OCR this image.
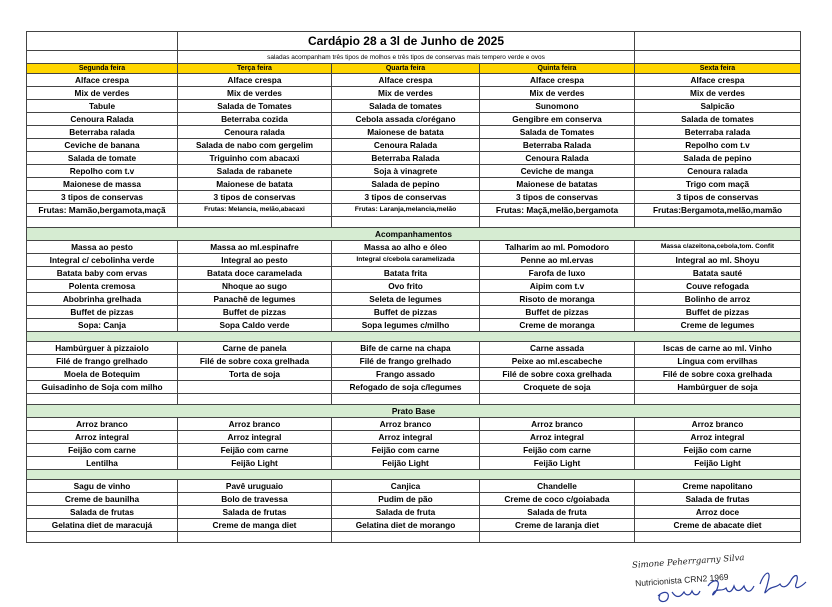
	Cardápio 28 a 3l de Junho de 2025			
	saladas acompanham três tipos de molhos e três tipos de conservas mais tempero verde e ovos			
Segunda feira	Terça feira	Quarta feira	Quinta feira	Sexta feira
Alface crespa	Alface crespa	Alface crespa	Alface crespa	Alface crespa
Mix de verdes	Mix de verdes	Mix de verdes	Mix de verdes	Mix de verdes
Tabule	Salada de Tomates	Salada de tomates	Sunomono	Salpicão
Cenoura Ralada	Beterraba cozida	Cebola assada c/orégano	Gengibre em conserva	Salada de tomates
Beterraba ralada	Cenoura ralada	Maionese de batata	Salada de Tomates	Beterraba ralada
Ceviche de banana	Salada de nabo com gergelim	Cenoura Ralada	Beterraba Ralada	Repolho com t.v
Salada de tomate	Triguinho com abacaxi	Beterraba Ralada	Cenoura Ralada	Salada de pepino
Repolho com t.v	Salada de rabanete	Soja à vinagrete	Ceviche de manga	Cenoura ralada
Maionese de massa	Maionese de batata	Salada de pepino	Maionese de batatas	Trigo com maçã
3 tipos de conservas	3 tipos de conservas	3 tipos de conservas	3 tipos de conservas	3 tipos de conservas
Frutas: Mamão,bergamota,maçã	Frutas: Melancia, melão,abacaxi	Frutas: Laranja,melancia,melão	Frutas: Maçã,melão,bergamota	Frutas:Bergamota,melão,mamão

Acompanhamentos				
Massa ao pesto	Massa ao ml.espinafre	Massa ao alho e óleo	Talharim ao ml. Pomodoro	Massa c/azeitona,cebola,tom. Confit
Integral c/ cebolinha verde	Integral ao pesto	Integral c/cebola caramelizada	Penne ao ml.ervas	Integral ao ml. Shoyu
Batata baby com ervas	Batata doce caramelada	Batata frita	Farofa de luxo	Batata sauté
Polenta cremosa	Nhoque ao sugo	Ovo frito	Aipim com t.v	Couve refogada
Abobrinha grelhada	Panachê de legumes	Seleta de legumes	Risoto de moranga	Bolinho de arroz
Buffet de pizzas	Buffet de pizzas	Buffet de pizzas	Buffet de pizzas	Buffet de pizzas
Sopa: Canja	Sopa Caldo verde	Sopa legumes c/milho	Creme de moranga	Creme de legumes

Hambúrguer à pizzaiolo	Carne de panela	Bife de carne na chapa	Carne assada	Iscas de carne ao ml. Vinho
Filé de frango grelhado	Filé de sobre coxa grelhada	Filé de frango grelhado	Peixe ao ml.escabeche	Língua com ervilhas
Moela de Botequim	Torta de soja	Frango assado	Filé de sobre coxa grelhada	Filé de sobre coxa grelhada
Guisadinho de Soja com milho		Refogado de soja c/legumes	Croquete de soja	Hambúrguer de soja

Prato Base				
Arroz branco	Arroz branco	Arroz branco	Arroz branco	Arroz branco
Arroz integral	Arroz integral	Arroz integral	Arroz integral	Arroz integral
Feijão com carne	Feijão com carne	Feijão com carne	Feijão com carne	Feijão com carne
Lentilha	Feijão Light	Feijão Light	Feijão Light	Feijão Light

Sagu de vinho	Pavê uruguaio	Canjica	Chandelle	Creme napolitano
Creme de baunilha	Bolo de travessa	Pudim de pão	Creme de coco c/goiabada	Salada de frutas
Salada de frutas	Salada de frutas	Salada de fruta	Salada de fruta	Arroz doce
Gelatina diet de maracujá	Creme de manga diet	Gelatina diet de morango	Creme de laranja diet	Creme de abacate diet

Simone Peherrgarny Silva
Nutricionista CRN2 1969
